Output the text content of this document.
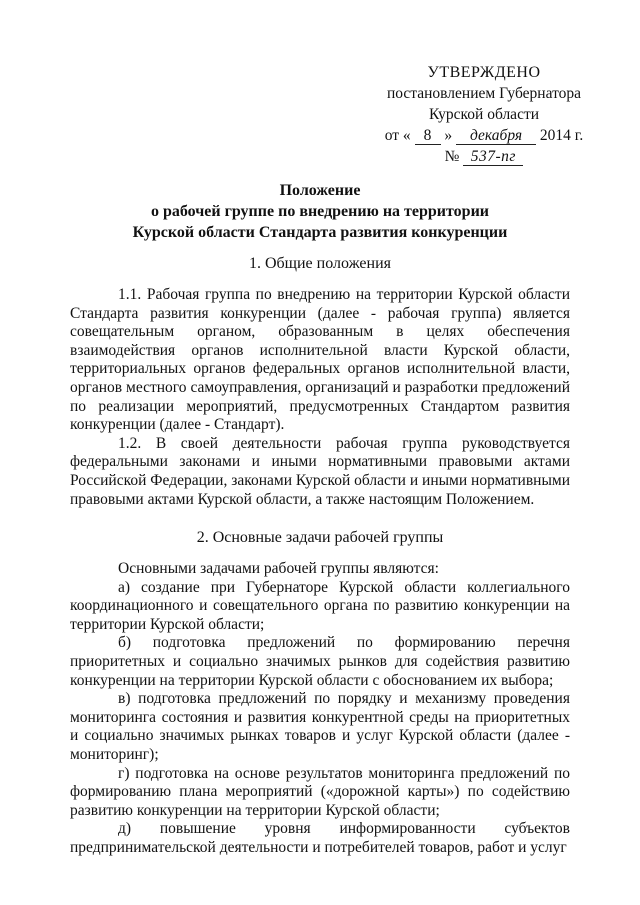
УТВЕРЖДЕНО
постановлением Губернатора
Курской области
от « 8 » декабря 2014 г.
№ 537-пг
Положение
о рабочей группе по внедрению на территории
Курской области Стандарта развития конкуренции
1. Общие положения

1.1. Рабочая группа по внедрению на территории Курской области Стандарта развития конкуренции (далее - рабочая группа) является совещательным органом, образованным в целях обеспечения взаимодействия органов исполнительной власти Курской области, территориальных органов федеральных органов исполнительной власти, органов местного самоуправления, организаций и разработки предложений по реализации мероприятий, предусмотренных Стандартом развития конкуренции (далее - Стандарт).

1.2. В своей деятельности рабочая группа руководствуется федеральными законами и иными нормативными правовыми актами Российской Федерации, законами Курской области и иными нормативными правовыми актами Курской области, а также настоящим Положением.

2. Основные задачи рабочей группы

Основными задачами рабочей группы являются:

а) создание при Губернаторе Курской области коллегиального координационного и совещательного органа по развитию конкуренции на территории Курской области;

б) подготовка предложений по формированию перечня приоритетных и социально значимых рынков для содействия развитию конкуренции на территории Курской области с обоснованием их выбора;

в) подготовка предложений по порядку и механизму проведения мониторинга состояния и развития конкурентной среды на приоритетных и социально значимых рынках товаров и услуг Курской области (далее - мониторинг);

г) подготовка на основе результатов мониторинга предложений по формированию плана мероприятий («дорожной карты») по содействию развитию конкуренции на территории Курской области;

д) повышение уровня информированности субъектов предпринимательской деятельности и потребителей товаров, работ и услуг
